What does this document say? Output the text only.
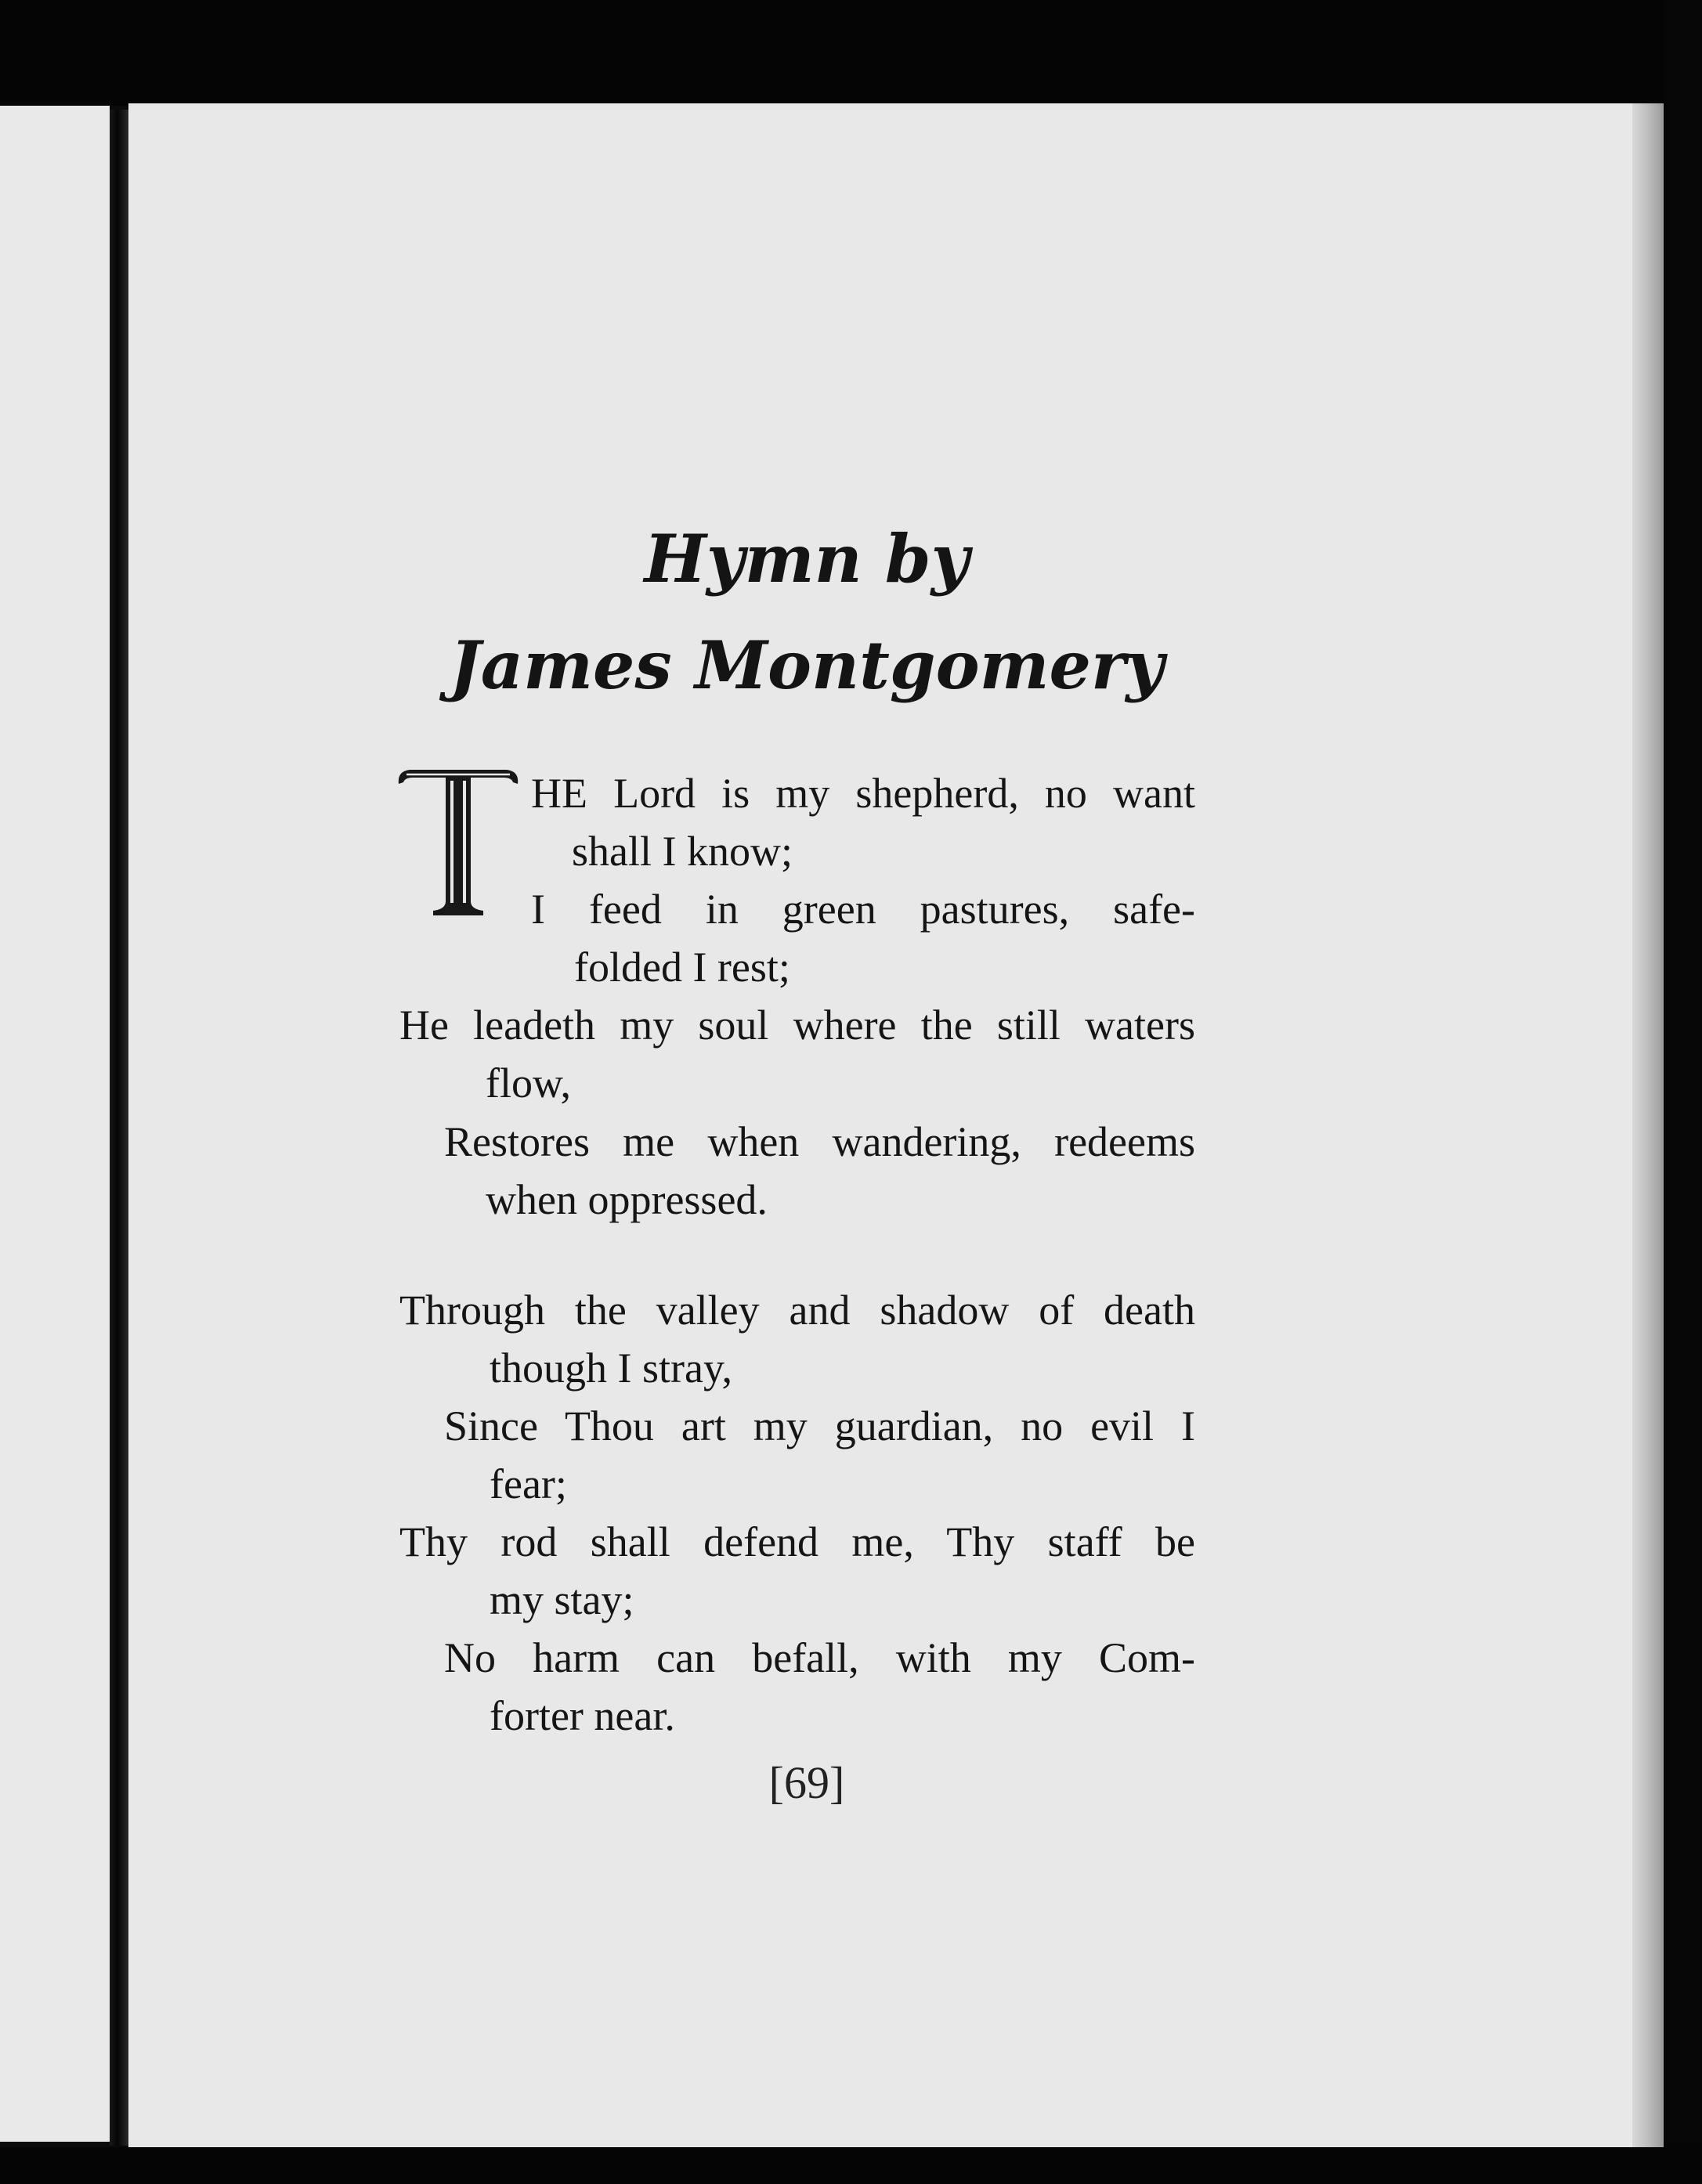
Hymn by
James Montgomery

HE Lord is my shepherd, no want

shall I know;

I feed in green pastures, safe-

folded I rest;

He leadeth my soul where the still waters

flow,

Restores me when wandering, redeems

when oppressed.

Through the valley and shadow of death

though I stray,

Since Thou art my guardian, no evil I

fear;

Thy rod shall defend me, Thy staff be

my stay;

No harm can befall, with my Com-

forter near.

[69]
